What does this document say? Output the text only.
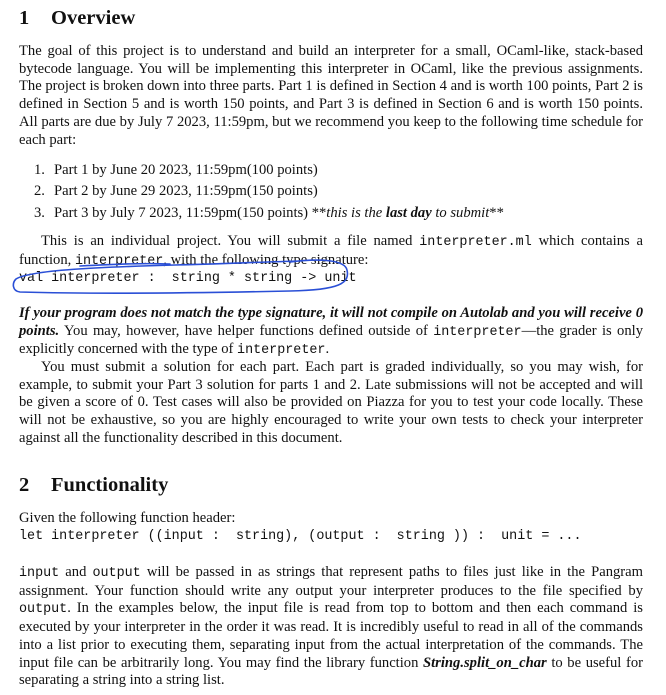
1 Overview
The goal of this project is to understand and build an interpreter for a small, OCaml-like, stack-based bytecode language. You will be implementing this interpreter in OCaml, like the previous assignments. The project is broken down into three parts. Part 1 is defined in Section 4 and is worth 100 points, Part 2 is defined in Section 5 and is worth 150 points, and Part 3 is defined in Section 6 and is worth 150 points. All parts are due by July 7 2023, 11:59pm, but we recommend you keep to the following time schedule for each part:
1. Part 1 by June 20 2023, 11:59pm(100 points)
2. Part 2 by June 29 2023, 11:59pm(150 points)
3. Part 3 by July 7 2023, 11:59pm(150 points) **this is the last day to submit**
This is an individual project. You will submit a file named interpreter.ml which contains a function, interpreter, with the following type signature:
val interpreter :  string * string -> unit
If your program does not match the type signature, it will not compile on Autolab and you will receive 0 points. You may, however, have helper functions defined outside of interpreter—the grader is only explicitly concerned with the type of interpreter.
You must submit a solution for each part. Each part is graded individually, so you may wish, for example, to submit your Part 3 solution for parts 1 and 2. Late submissions will not be accepted and will be given a score of 0. Test cases will also be provided on Piazza for you to test your code locally. These will not be exhaustive, so you are highly encouraged to write your own tests to check your interpreter against all the functionality described in this document.
2 Functionality
Given the following function header:
let interpreter ((input :  string), (output :  string )) :  unit = ...
input and output will be passed in as strings that represent paths to files just like in the Pangram assignment. Your function should write any output your interpreter produces to the file specified by output. In the examples below, the input file is read from top to bottom and then each command is executed by your interpreter in the order it was read. It is incredibly useful to read in all of the commands into a list prior to executing them, separating input from the actual interpretation of the commands. The input file can be arbitrarily long. You may find the library function String.split_on_char to be useful for separating a string into a string list.
